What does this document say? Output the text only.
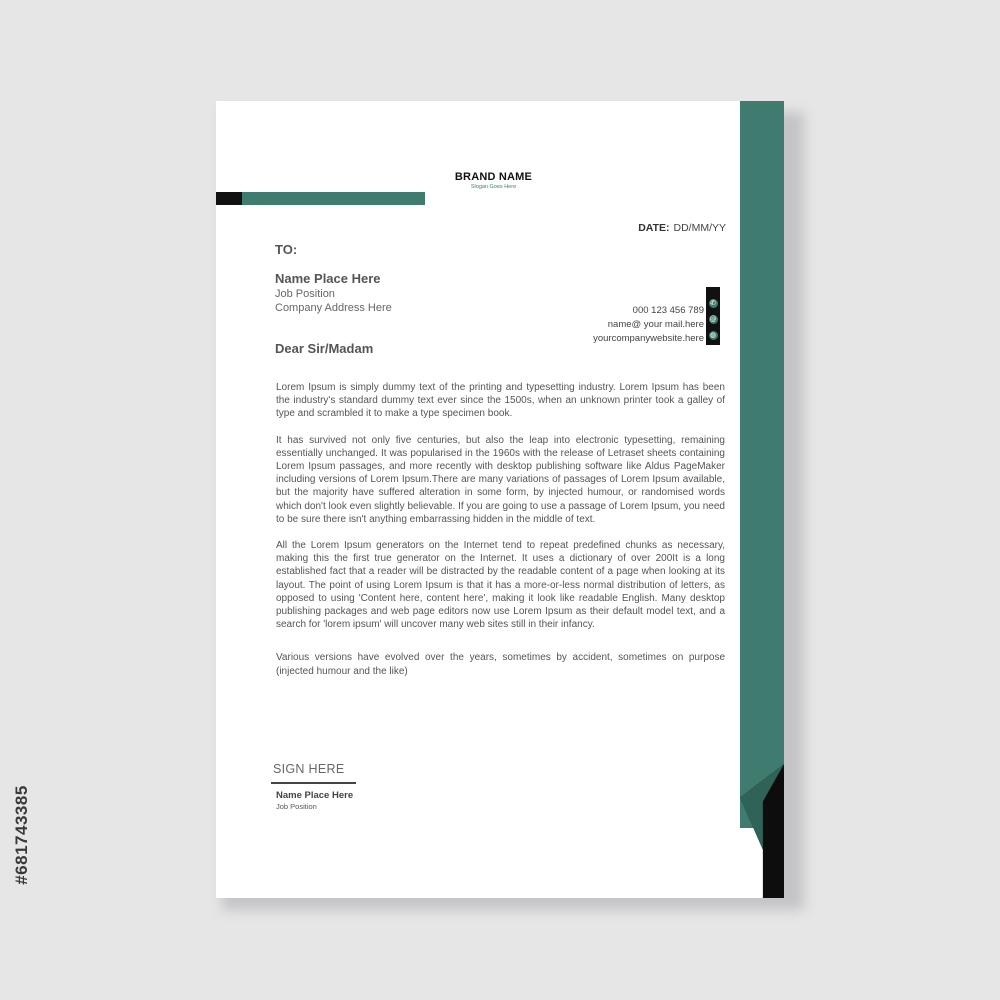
#681743385
BRAND NAME
Slogan Goes Here
DATE: DD/MM/YY
TO:
Name Place Here
Job Position
Company Address Here	000 123 456 789
name@ your mail.here
yourcompanywebsite.here
✆
@
◍
Dear Sir/Madam

Lorem Ipsum is simply dummy text of the printing and typesetting industry. Lorem Ipsum has been the industry's standard dummy text ever since the 1500s, when an unknown printer took a galley of type and scrambled it to make a type specimen book.

It has survived not only five centuries, but also the leap into electronic typesetting, remaining essentially unchanged. It was popularised in the 1960s with the release of Letraset sheets containing Lorem Ipsum passages, and more recently with desktop publishing software like Aldus PageMaker including versions of Lorem Ipsum.There are many variations of passages of Lorem Ipsum available, but the majority have suffered alteration in some form, by injected humour, or randomised words which don't look even slightly believable. If you are going to use a passage of Lorem Ipsum, you need to be sure there isn't anything embarrassing hidden in the middle of text.

All the Lorem Ipsum generators on the Internet tend to repeat predefined chunks as necessary, making this the first true generator on the Internet. It uses a dictionary of over 200It is a long established fact that a reader will be distracted by the readable content of a page when looking at its layout. The point of using Lorem Ipsum is that it has a more-or-less normal distribution of letters, as opposed to using 'Content here, content here', making it look like readable English. Many desktop publishing packages and web page editors now use Lorem Ipsum as their default model text, and a search for 'lorem ipsum' will uncover many web sites still in their infancy.

Various versions have evolved over the years, sometimes by accident, sometimes on purpose (injected humour and the like)

SIGN HERE
Name Place Here
Job Position
